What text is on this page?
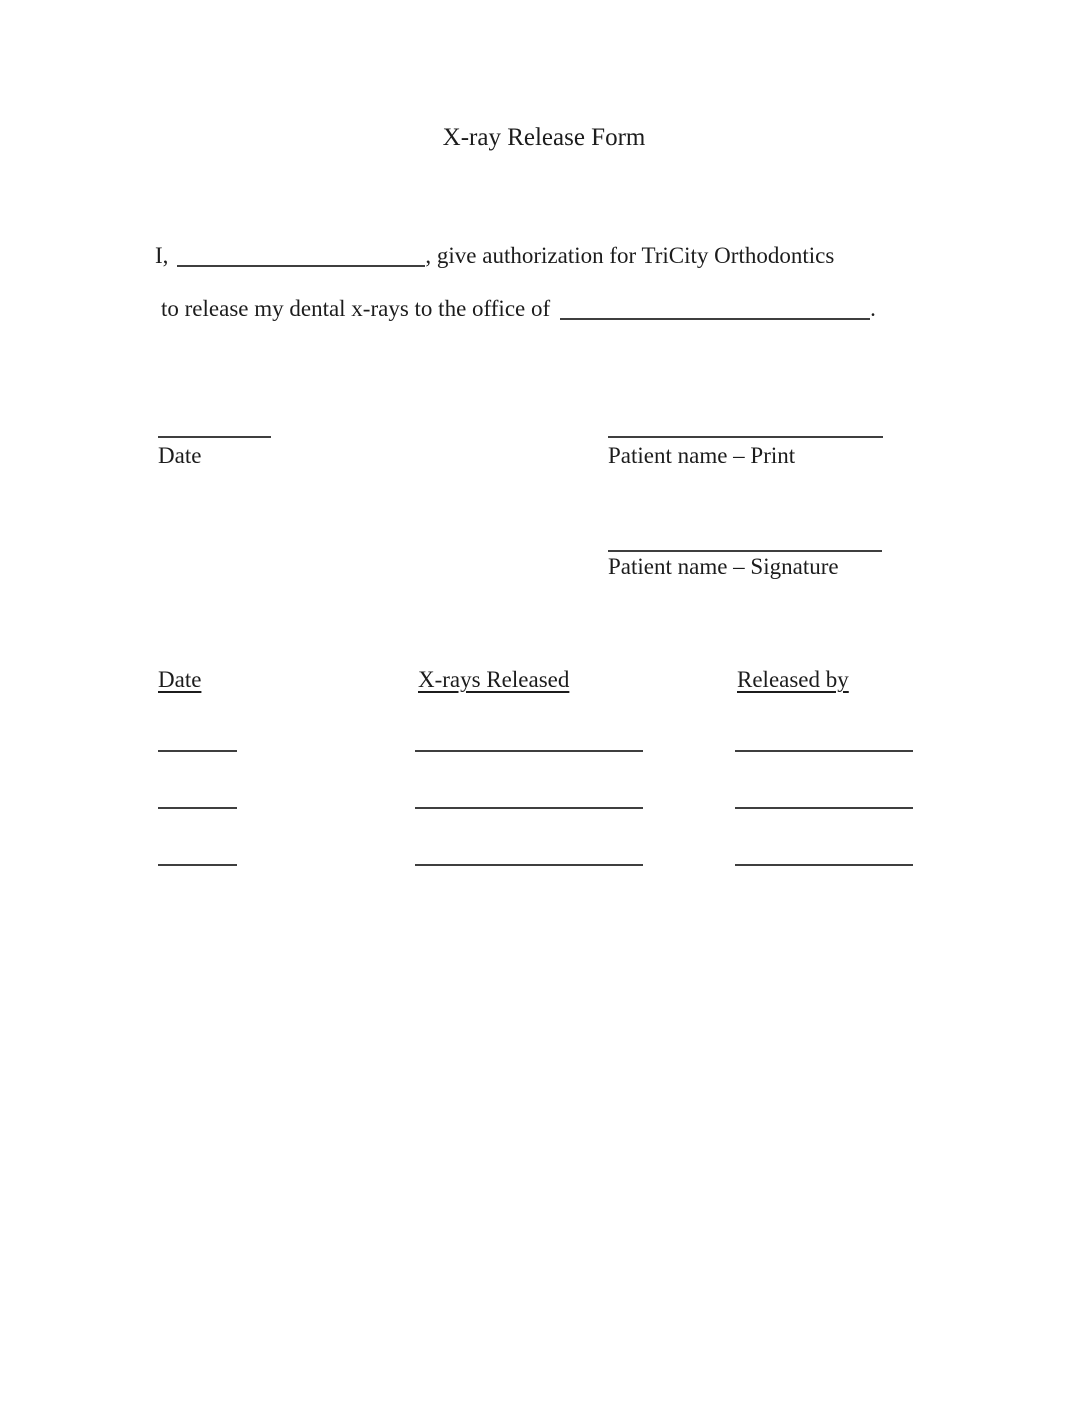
X-ray Release Form
I,	, give authorization for TriCity Orthodontics
to release my dental x-rays to the office of	.
Date	Patient name – Print
Patient name – Signature
Date	X-rays Released	Released by
